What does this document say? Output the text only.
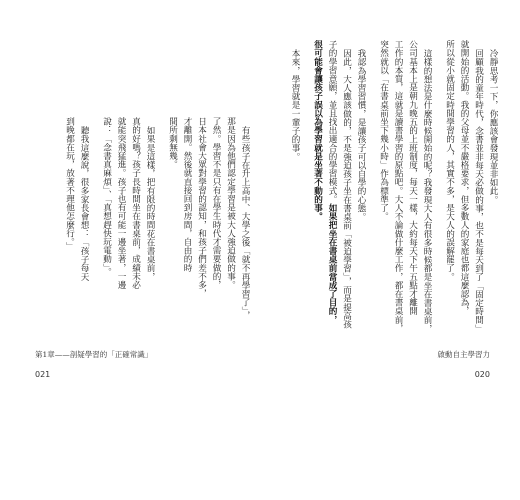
冷靜思考一下，你應該會發現並非如此。
回顧我的童年時代，念書並非每天必做的事，也不是每天到了「固定時間」
就開始的活動。我的父母並不嚴格要求，但多數人的家庭也都這麼認為，
所以從小就固定時間學習的人，其實不多，是大人的誤解罷了。
這樣的想法是什麼時候開始的呢？我發現大人有很多時候都是坐在書桌前，
公司基本上是朝九晚五的上班制度，每天一樣，大約每天下午五點才離開
工作的本質，這就是讀書學習的原點吧。大人不論做什麼工作，都在書桌前，
突然就以「在書桌前坐下幾小時」作為標準了。
我認為學習習慣，是讓孩子可以自學的心態。
因此，大人應該做的，不是強迫孩子坐在書桌前「被迫學習」，而是提高孩
子的學習意願，並且找出適合的學習模式。如果把坐在書桌前當成了目的，
很可能會讓孩子誤以為學習就是坐著不動的事。
本來，學習就是一輩子的事。
有些孩子在升上高中、大學之後「就不再學習了」，
那是因為他們認定學習是被大人強迫做的事。
了然。學習不是只有在學生時代才需要做的，
日本社會大眾對學習的認知，和孩子們差不多，
才離開。然後就直接回到房間，自由的時
間所剩無幾。
如果是這樣，把有限的時間花在書桌前，
真的好嗎？孩子長時間坐在書桌前，成績未必
就能突飛猛進。孩子也有可能一邊坐著，一邊
說：「念書真麻煩」、「真想趕快玩電動」。
聽我這麼說，很多家長會想：「孩子每天
到晚都在玩，放著不理他怎麼行。」
第1章——剖疑學習的「正確常識」
021
啟動自主學習力
020
